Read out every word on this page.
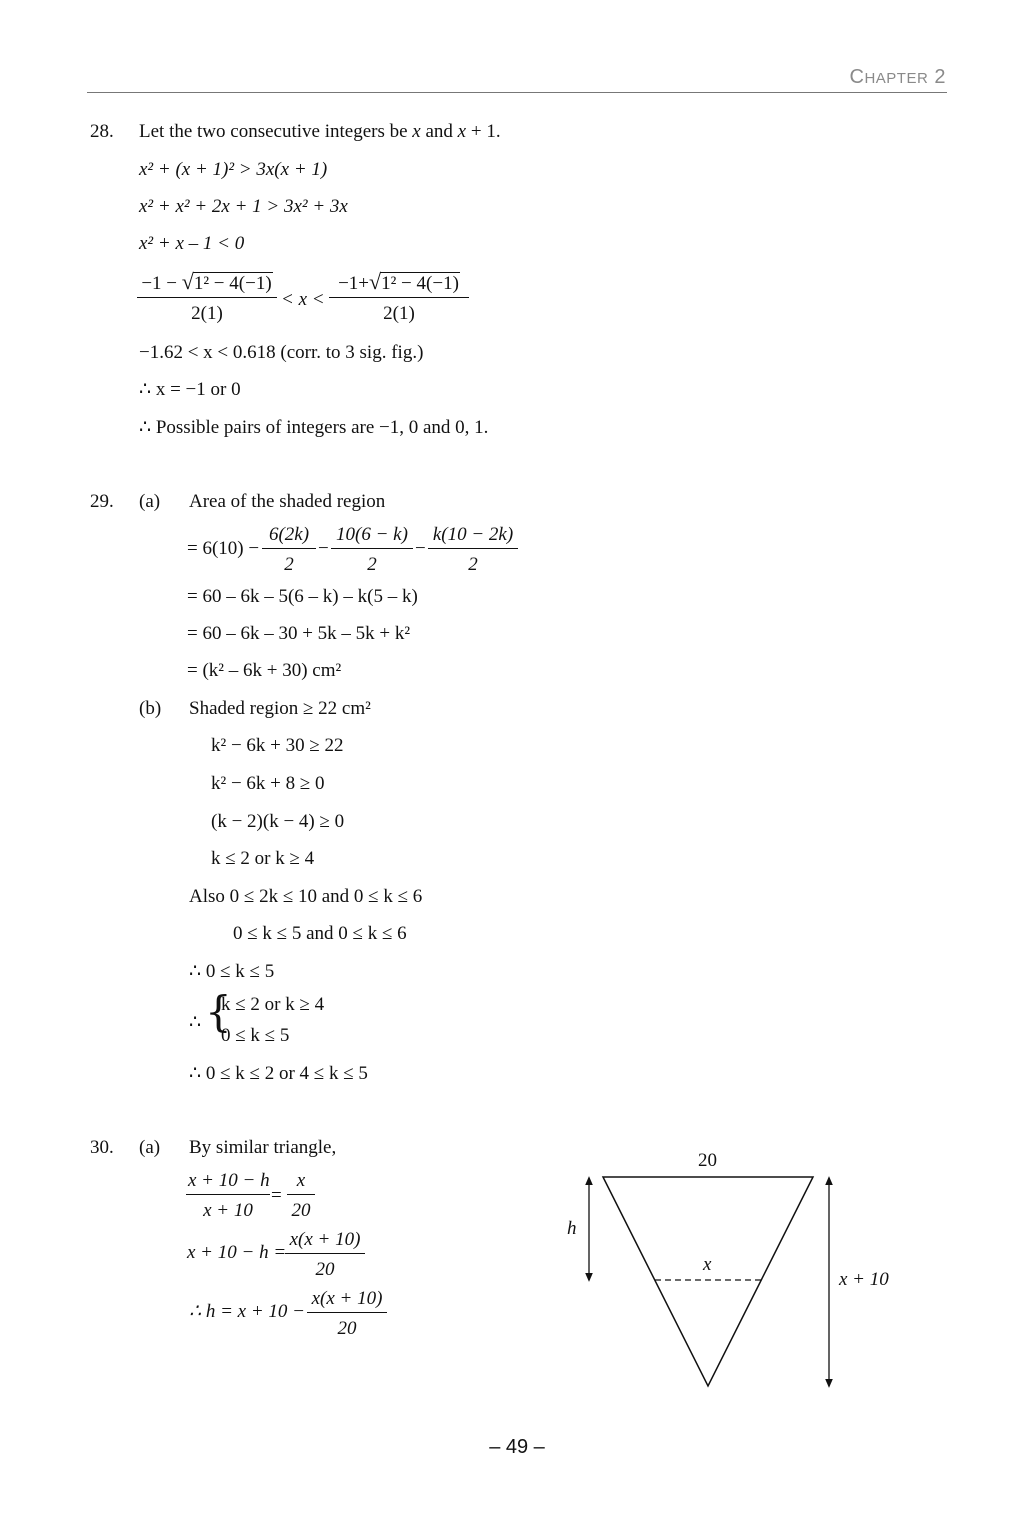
CHAPTER 2
28. Let the two consecutive integers be x and x + 1.
x² + (x + 1)² > 3x(x + 1)
x² + x² + 2x + 1 > 3x² + 3x
x² + x – 1 < 0
$\frac{\text{−1 − √1² − 4(−1)}}{2(1)} < x < \frac{\text{−1+√1² − 4(−1)}}{2(1)}$
−1.62 < x < 0.618 (corr. to 3 sig. fig.)
∴ x = −1 or 0
∴ Possible pairs of integers are −1, 0 and 0, 1.
29. (a) Area of the shaded region
= $6(10) - \frac{6(2k)}{2} - \frac{10(6 - k)}{2} - \frac{k(10 - 2k)}{2}$
= 60 – 6k – 5(6 – k) – k(5 – k)
= 60 – 6k – 30 + 5k – 5k + k²
= (k² – 6k + 30) cm²
(b) Shaded region ≥ 22 cm²
k² − 6k + 30 ≥ 22
k² − 6k + 8 ≥ 0
(k − 2)(k − 4) ≥ 0
k ≤ 2 or k ≥ 4
Also 0 ≤ 2k ≤ 10 and 0 ≤ k ≤ 6
0 ≤ k ≤ 5 and 0 ≤ k ≤ 6
∴ 0 ≤ k ≤ 5
∴ {
k ≤ 2 or k ≥ 4
0 ≤ k ≤ 5
∴ 0 ≤ k ≤ 2 or 4 ≤ k ≤ 5
30. (a) By similar triangle,
$\frac{x + 10 - h}{x + 10} = \frac{x}{20}$
x + 10 − h =
$\frac{x(x + 10)}{20}$
∴ $h = x + 10 - \frac{x(x + 10)}{20}$
20
h
x
x + 10
– 49 –
